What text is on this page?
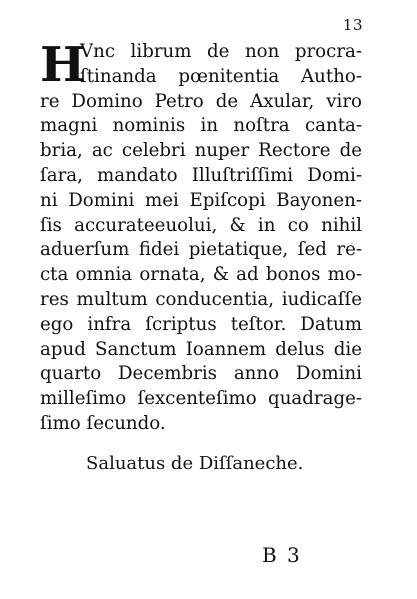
13
H
Vnc librum de non procra-
ſtinanda pœnitentia Autho-
re Domino Petro de Axular, viro
magni nominis in noſtra canta-
bria, ac celebri nuper Rectore de
ſara, mandato Illuſtriſſimi Domi-
ni Domini mei Epiſcopi Bayonen-
ſis accurateeuolui, & in co nihil
aduerſum fidei pietatique, ſed re-
cta omnia ornata, & ad bonos mo-
res multum conducentia, iudicaſſe
ego infra ſcriptus teſtor. Datum
apud Sanctum Ioannem delus die
quarto Decembris anno Domini
milleſimo ſexcenteſimo quadrage-
ſimo ſecundo.
Saluatus de Diſſaneche.
B 3
